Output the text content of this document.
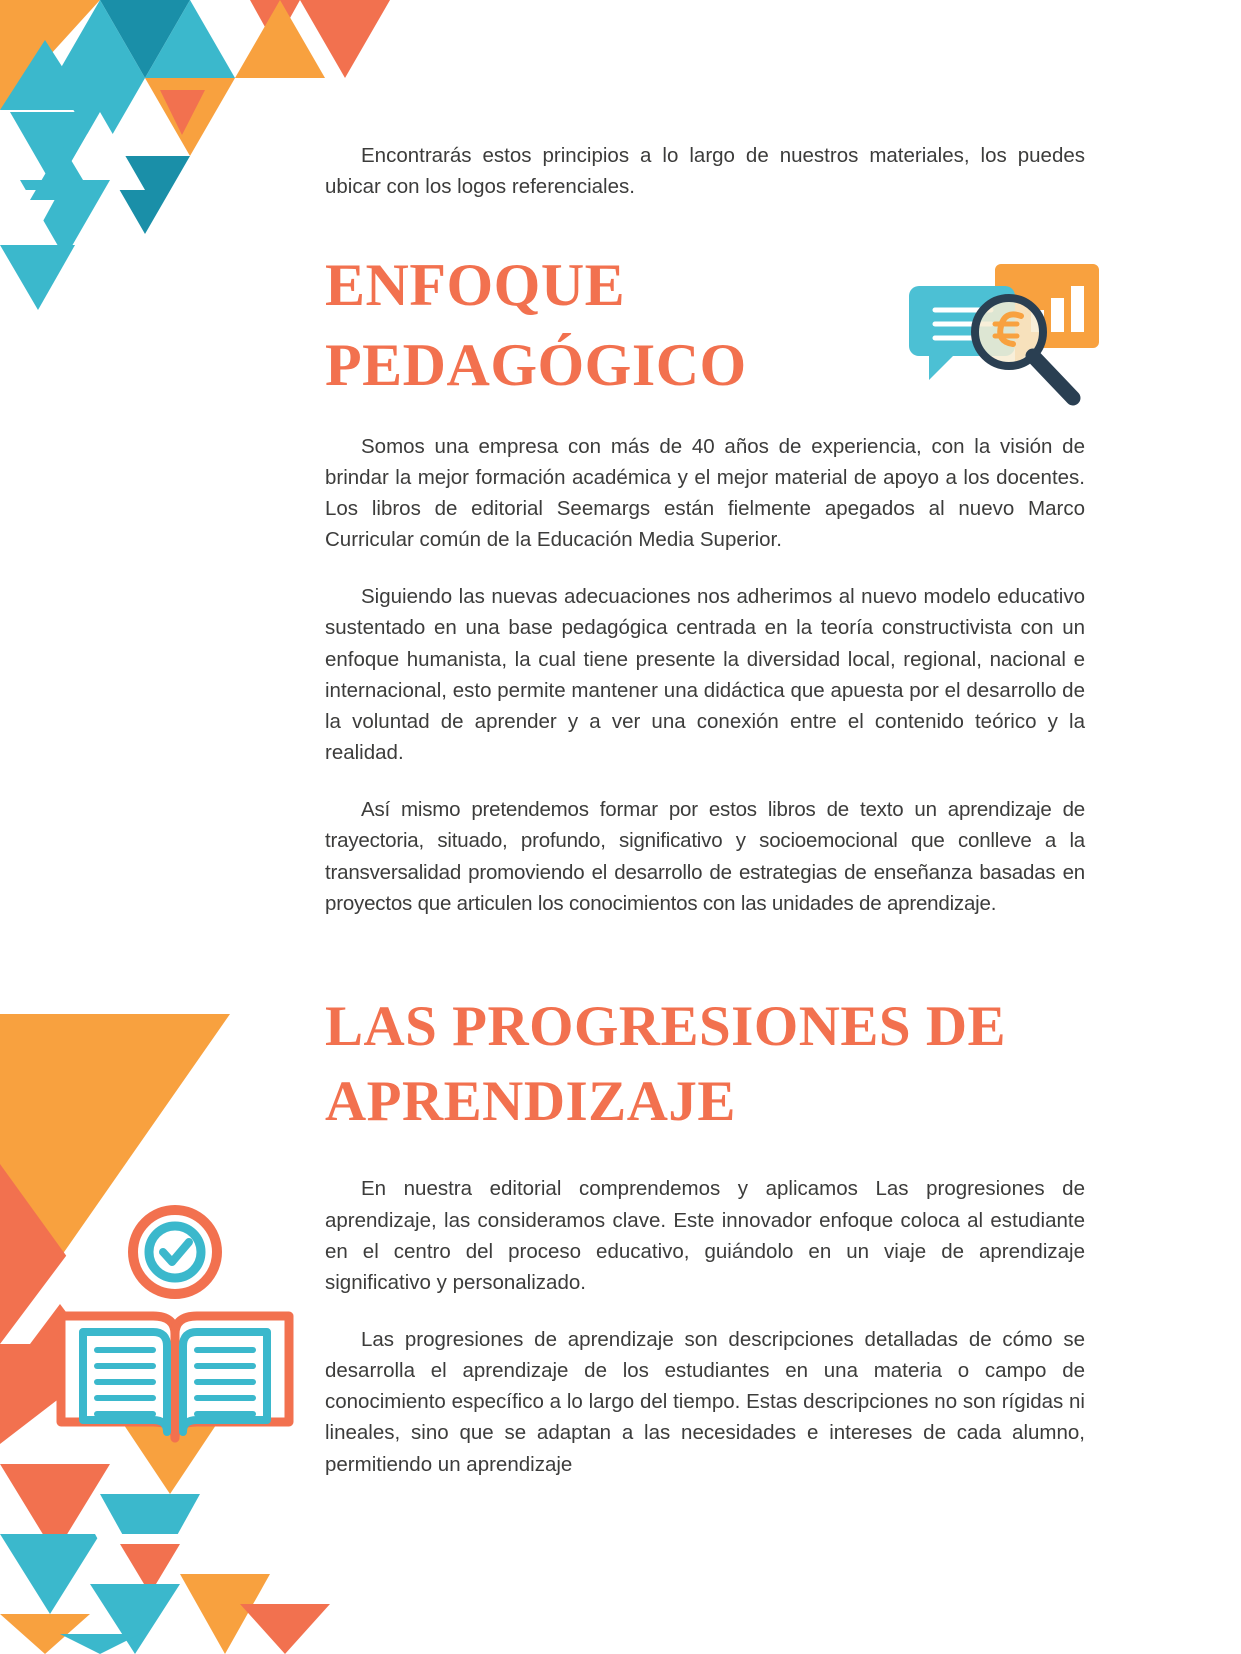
Encontrarás estos principios a lo largo de nuestros materiales, los puedes ubicar con los logos referenciales.

ENFOQUE
PEDAGÓGICO

Somos una empresa con más de 40 años de experiencia, con la visión de brindar la mejor formación académica y el mejor material de apoyo a los docentes. Los libros de editorial Seemargs están fielmente apegados al nuevo Marco Curricular común de la Educación Media Superior.

Siguiendo las nuevas adecuaciones nos adherimos al nuevo modelo educativo sustentado en una base pedagógica centrada en la teoría constructivista con un enfoque humanista, la cual tiene presente la diversidad local, regional, nacional e internacional, esto permite mantener una didáctica que apuesta por el desarrollo de la voluntad de aprender y a ver una conexión entre el contenido teórico y la realidad.

Así mismo pretendemos formar por estos libros de texto un aprendizaje de trayectoria, situado, profundo, significativo y socioemocional que conlleve a la transversalidad promoviendo el desarrollo de estrategias de enseñanza basadas en proyectos que articulen los conocimientos con las unidades de aprendizaje.

LAS PROGRESIONES DE
APRENDIZAJE

En nuestra editorial comprendemos y aplicamos Las progresiones de aprendizaje, las consideramos clave. Este innovador enfoque coloca al estudiante en el centro del proceso educativo, guiándolo en un viaje de aprendizaje significativo y personalizado.

Las progresiones de aprendizaje son descripciones detalladas de cómo se desarrolla el aprendizaje de los estudiantes en una materia o campo de conocimiento específico a lo largo del tiempo. Estas descripciones no son rígidas ni lineales, sino que se adaptan a las necesidades e intereses de cada alumno, permitiendo un aprendizaje
